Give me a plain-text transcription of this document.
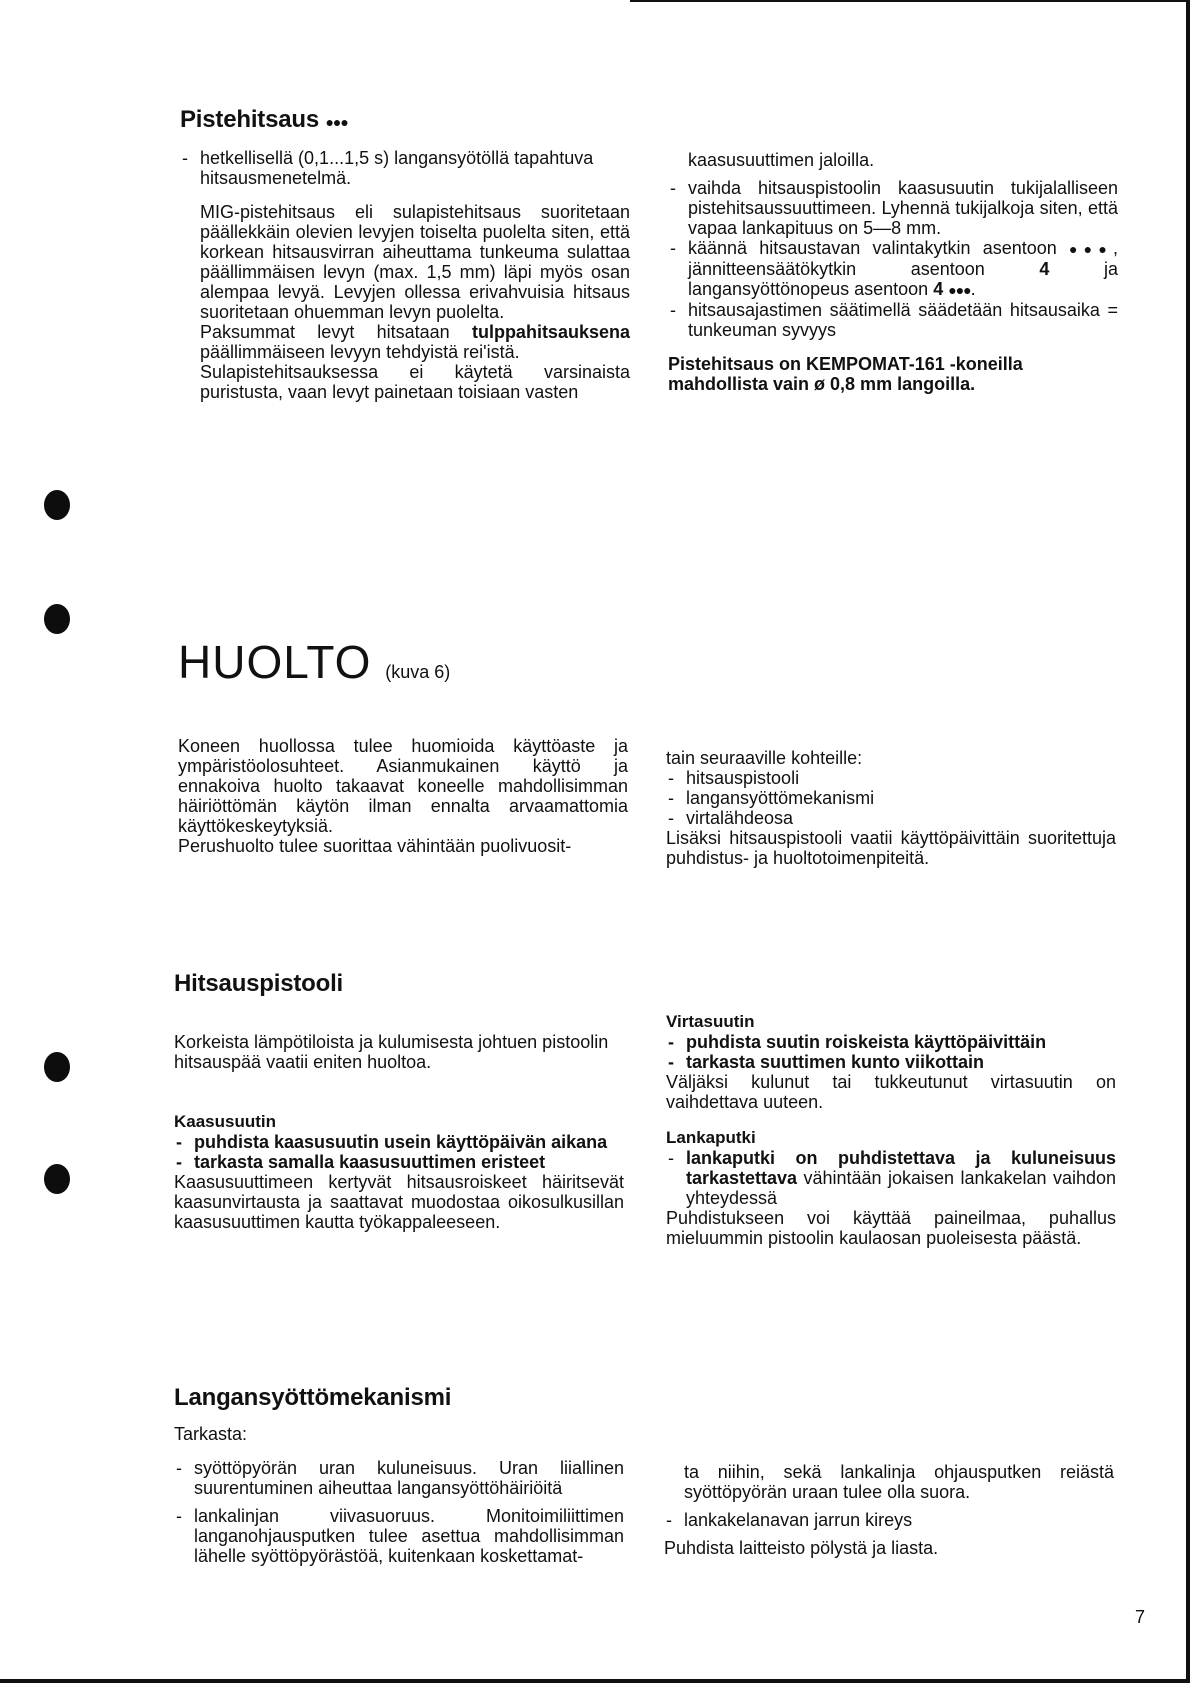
Pistehitsaus ●●●

- hetkellisellä (0,1...1,5 s) langansyötöllä tapahtuva hitsausmenetelmä.

MIG-pistehitsaus eli sulapistehitsaus suoritetaan päällekkäin olevien levyjen toiselta puolelta siten, että korkean hitsausvirran aiheuttama tunkeuma sulattaa päällimmäisen levyn (max. 1,5 mm) läpi myös osan alempaa levyä. Levyjen ollessa erivahvuisia hitsaus suoritetaan ohuemman levyn puolelta.

Paksummat levyt hitsataan tulppahitsauksena päällimmäiseen levyyn tehdyistä rei'istä.

Sulapistehitsauksessa ei käytetä varsinaista puristusta, vaan levyt painetaan toisiaan vasten

kaasusuuttimen jaloilla.

- vaihda hitsauspistoolin kaasusuutin tukijalalliseen pistehitsaussuuttimeen. Lyhennä tukijalkoja siten, että vapaa lankapituus on 5—8 mm.

- käännä hitsaustavan valintakytkin asentoon ●●●, jännitteensäätökytkin asentoon 4 ja langansyöttönopeus asentoon 4 ●●●.

- hitsausajastimen säätimellä säädetään hitsausaika = tunkeuman syvyys

Pistehitsaus on KEMPOMAT-161 -koneilla mahdollista vain ø 0,8 mm langoilla.

HUOLTO (kuva 6)

Koneen huollossa tulee huomioida käyttöaste ja ympäristöolosuhteet. Asianmukainen käyttö ja ennakoiva huolto takaavat koneelle mahdollisimman häiriöttömän käytön ilman ennalta arvaamattomia käyttökeskeytyksiä.

Perushuolto tulee suorittaa vähintään puolivuosit-

tain seuraaville kohteille:

- hitsauspistooli

- langansyöttömekanismi

- virtalähdeosa

Lisäksi hitsauspistooli vaatii käyttöpäivittäin suoritettuja puhdistus- ja huoltotoimenpiteitä.

Hitsauspistooli

Korkeista lämpötiloista ja kulumisesta johtuen pistoolin hitsauspää vaatii eniten huoltoa.

Kaasusuutin

- puhdista kaasusuutin usein käyttöpäivän aikana

- tarkasta samalla kaasusuuttimen eristeet

Kaasusuuttimeen kertyvät hitsausroiskeet häiritsevät kaasunvirtausta ja saattavat muodostaa oikosulkusillan kaasusuuttimen kautta työkappaleeseen.

Virtasuutin

- puhdista suutin roiskeista käyttöpäivittäin

- tarkasta suuttimen kunto viikottain

Väljäksi kulunut tai tukkeutunut virtasuutin on vaihdettava uuteen.

Lankaputki

- lankaputki on puhdistettava ja kuluneisuus tarkastettava vähintään jokaisen lankakelan vaihdon yhteydessä

Puhdistukseen voi käyttää paineilmaa, puhallus mieluummin pistoolin kaulaosan puoleisesta päästä.

Langansyöttömekanismi

Tarkasta:

- syöttöpyörän uran kuluneisuus. Uran liiallinen suurentuminen aiheuttaa langansyöttöhäiriöitä

- lankalinjan viivasuoruus. Monitoimiliittimen langanohjausputken tulee asettua mahdollisimman lähelle syöttöpyörästöä, kuitenkaan koskettamat-

ta niihin, sekä lankalinja ohjausputken reiästä syöttöpyörän uraan tulee olla suora.

- lankakelanavan jarrun kireys

Puhdista laitteisto pölystä ja liasta.

7
